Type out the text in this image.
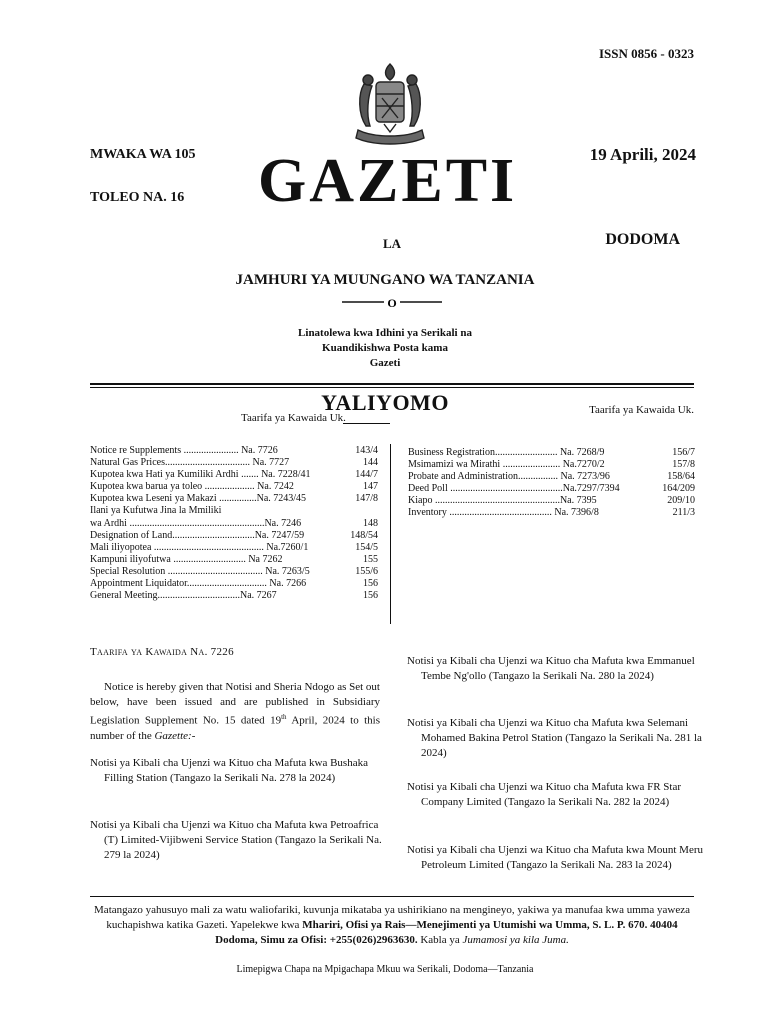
ISSN 0856 - 0323
MWAKA WA 105	19 Aprili, 2024
TOLEO NA. 16 GAZETI
LA	DODOMA
JAMHURI YA MUUNGANO WA TANZANIA
O
Linatolewa kwa Idhini ya Serikali na
Kuandikishwa Posta kama
Gazeti
YALIYOMO
Taarifa ya Kawaida Uk.
Taarifa ya Kawaida Uk.
Notice re Supplements ...................... Na. 7726	143/4
Natural Gas Prices.................................. Na. 7727	144
Kupotea kwa Hati ya Kumiliki Ardhi ....... Na. 7228/41	144/7
Kupotea kwa barua ya toleo .................... Na. 7242	147
Kupotea kwa Leseni ya Makazi ...............Na. 7243/45	147/8
Ilani ya Kufutwa Jina la Mmiliki
wa Ardhi ......................................................Na. 7246	148
Designation of Land.................................Na. 7247/59	148/54
Mali iliyopotea ............................................ Na.7260/1	154/5
Kampuni iliyofutwa ............................. Na 7262	155
Special Resolution ...................................... Na. 7263/5	155/6
Appointment Liquidator................................ Na. 7266	156
General Meeting.................................Na. 7267	156
Business Registration......................... Na. 7268/9	156/7
Msimamizi wa Mirathi ....................... Na.7270/2	157/8
Probate and Administration................ Na. 7273/96	158/64
Deed Poll .............................................Na.7297/7394	164/209
Kiapo ..................................................Na. 7395	209/10
Inventory ......................................... Na. 7396/8	211/3
Taarifa ya Kawaida Na. 7226
Notice is hereby given that Notisi and Sheria Ndogo as Set out below, have been issued and are published in Subsidiary Legislation Supplement No. 15 dated 19th April, 2024 to this number of the Gazette:-
Notisi ya Kibali cha Ujenzi wa Kituo cha Mafuta kwa Bushaka Filling Station (Tangazo la Serikali Na. 278 la 2024)
Notisi ya Kibali cha Ujenzi wa Kituo cha Mafuta kwa Petroafrica (T) Limited-Vijibweni Service Station (Tangazo la Serikali Na. 279 la 2024)
Notisi ya Kibali cha Ujenzi wa Kituo cha Mafuta kwa Emmanuel Tembe Ng'ollo (Tangazo la Serikali Na. 280 la 2024)
Notisi ya Kibali cha Ujenzi wa Kituo cha Mafuta kwa Selemani Mohamed Bakina Petrol Station (Tangazo la Serikali Na. 281 la 2024)
Notisi ya Kibali cha Ujenzi wa Kituo cha Mafuta kwa FR Star Company Limited (Tangazo la Serikali Na. 282 la 2024)
Notisi ya Kibali cha Ujenzi wa Kituo cha Mafuta kwa Mount Meru Petroleum Limited (Tangazo la Serikali Na. 283 la 2024)
Matangazo yahusuyo mali za watu waliofariki, kuvunja mikataba ya ushirikiano na mengineyo, yakiwa ya manufaa kwa umma yaweza kuchapishwa katika Gazeti. Yapelekwe kwa Mhariri, Ofisi ya Rais—Menejimenti ya Utumishi wa Umma, S. L. P. 670. 40404 Dodoma, Simu za Ofisi: +255(026)2963630. Kabla ya Jumamosi ya kila Juma.
Limepigwa Chapa na Mpigachapa Mkuu wa Serikali, Dodoma—Tanzania
